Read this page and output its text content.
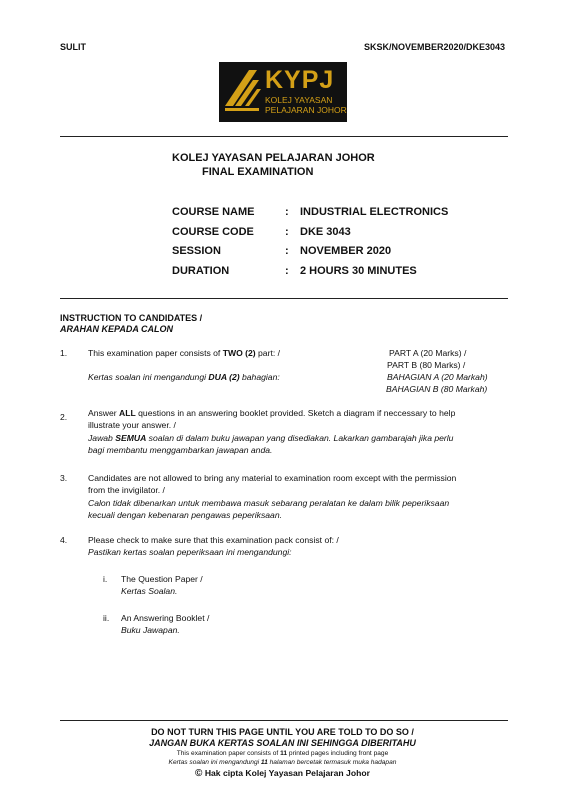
SULIT	SKSK/NOVEMBER2020/DKE3043
KYPJ
KOLEJ YAYASAN
PELAJARAN JOHOR
KOLEJ YAYASAN PELAJARAN JOHOR
FINAL EXAMINATION
COURSE NAME	: INDUSTRIAL ELECTRONICS
COURSE CODE	: DKE 3043
SESSION	: NOVEMBER 2020
DURATION	: 2 HOURS 30 MINUTES
INSTRUCTION TO CANDIDATES /
ARAHAN KEPADA CALON
1. This examination paper consists of TWO (2) part: /
Kertas soalan ini mengandungi DUA (2) bahagian:
PART A (20 Marks) /
PART B (80 Marks) /
BAHAGIAN A (20 Markah)
BAHAGIAN B (80 Markah)
2. Answer ALL questions in an answering booklet provided. Sketch a diagram if neccessary to help
illustrate your answer. /
Jawab SEMUA soalan di dalam buku jawapan yang disediakan. Lakarkan gambarajah jika perlu
bagi membantu menggambarkan jawapan anda.
3. Candidates are not allowed to bring any material to examination room except with the permission
from the invigilator. /
Calon tidak dibenarkan untuk membawa masuk sebarang peralatan ke dalam bilik peperiksaan
kecuali dengan kebenaran pengawas peperiksaan.
4. Please check to make sure that this examination pack consist of: /
Pastikan kertas soalan peperiksaan ini mengandungi:
i. The Question Paper /
Kertas Soalan.
ii. An Answering Booklet /
Buku Jawapan.
DO NOT TURN THIS PAGE UNTIL YOU ARE TOLD TO DO SO /
JANGAN BUKA KERTAS SOALAN INI SEHINGGA DIBERITAHU
This examination paper consists of 11 printed pages including front page
Kertas soalan ini mengandungi 11 halaman bercetak termasuk muka hadapan
© Hak cipta Kolej Yayasan Pelajaran Johor
